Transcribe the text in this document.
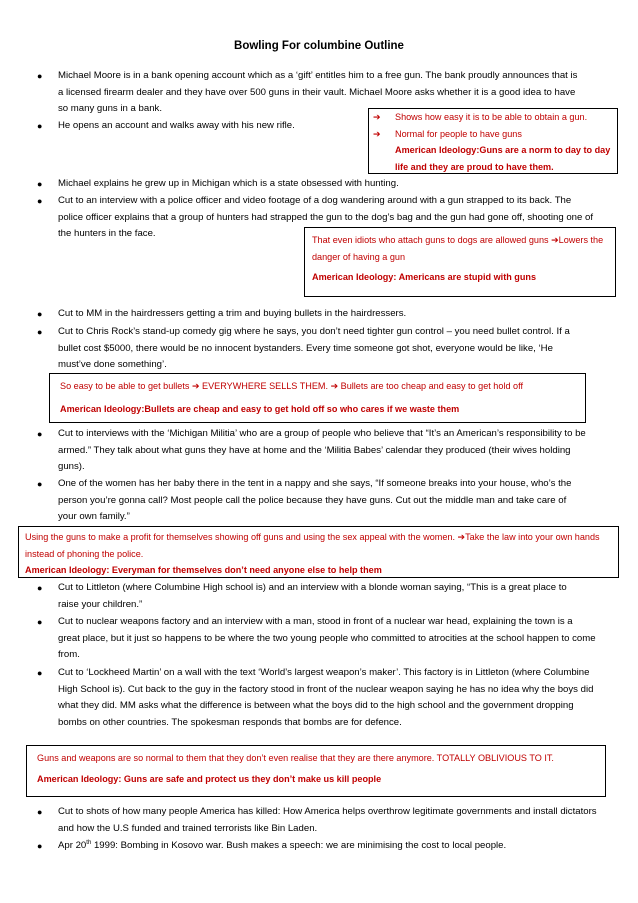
Bowling For columbine Outline
● Michael Moore is in a bank opening account which as a ‘gift’ entitles him to a free gun. The bank proudly announces that is a licensed firearm dealer and they have over 500 guns in their vault. Michael Moore asks whether it is a good idea to have so many guns in a bank.
● He opens an account and walks away with his new rifle.
● Michael explains he grew up in Michigan which is a state obsessed with hunting.
● Cut to an interview with a police officer and video footage of a dog wandering around with a gun strapped to its back. The police officer explains that a group of hunters had strapped the gun to the dog’s bag and the gun had gone off, shooting one of the hunters in the face.
● Cut to MM in the hairdressers getting a trim and buying bullets in the hairdressers.
● Cut to Chris Rock’s stand-up comedy gig where he says, you don’t need tighter gun control – you need bullet control. If a bullet cost $5000, there would be no innocent bystanders. Every time someone got shot, everyone would be like, ‘He must’ve done something’.
● Cut to interviews with the ‘Michigan Militia’ who are a group of people who believe that “It’s an American’s responsibility to be armed.” They talk about what guns they have at home and the ‘Militia Babes’ calendar they produced (their wives holding guns).
● One of the women has her baby there in the tent in a nappy and she says, “If someone breaks into your house, who’s the person you’re gonna call? Most people call the police because they have guns. Cut out the middle man and take care of your own family.”
● Cut to Littleton (where Columbine High school is) and an interview with a blonde woman saying, “This is a great place to raise your children.”
● Cut to nuclear weapons factory and an interview with a man, stood in front of a nuclear war head, explaining the town is a great place, but it just so happens to be where the two young people who committed to atrocities at the school happen to come from.
● Cut to ‘Lockheed Martin’ on a wall with the text ‘World’s largest weapon’s maker’. This factory is in Littleton (where Columbine High School is). Cut back to the guy in the factory stood in front of the nuclear weapon saying he has no idea why the boys did what they did. MM asks what the difference is between what the boys did to the high school and the government dropping bombs on other countries. The spokesman responds that bombs are for defence.
● Cut to shots of how many people America has killed: How America helps overthrow legitimate governments and install dictators and how the U.S funded and trained terrorists like Bin Laden.
● Apr 20th 1999: Bombing in Kosovo war. Bush makes a speech: we are minimising the cost to local people.
➔	Shows how easy it is to be able to obtain a gun.
➔	Normal for people to have guns
American Ideology:Guns are a norm to day to day life and they are proud to have them.
That even idiots who attach guns to dogs are allowed guns ➔Lowers the danger of having a gun
American Ideology: Americans are stupid with guns
So easy to be able to get bullets ➔ EVERYWHERE SELLS THEM. ➔ Bullets are too cheap and easy to get hold off
American Ideology:Bullets are cheap and easy to get hold off so who cares if we waste them
Using the guns to make a profit for themselves showing off guns and using the sex appeal with the women. ➔Take the law into your own hands instead of phoning the police.
American Ideology: Everyman for themselves don’t need anyone else to help them
Guns and weapons are so normal to them that they don’t even realise that they are there anymore. TOTALLY OBLIVIOUS TO IT.
American Ideology: Guns are safe and protect us they don’t make us kill people
